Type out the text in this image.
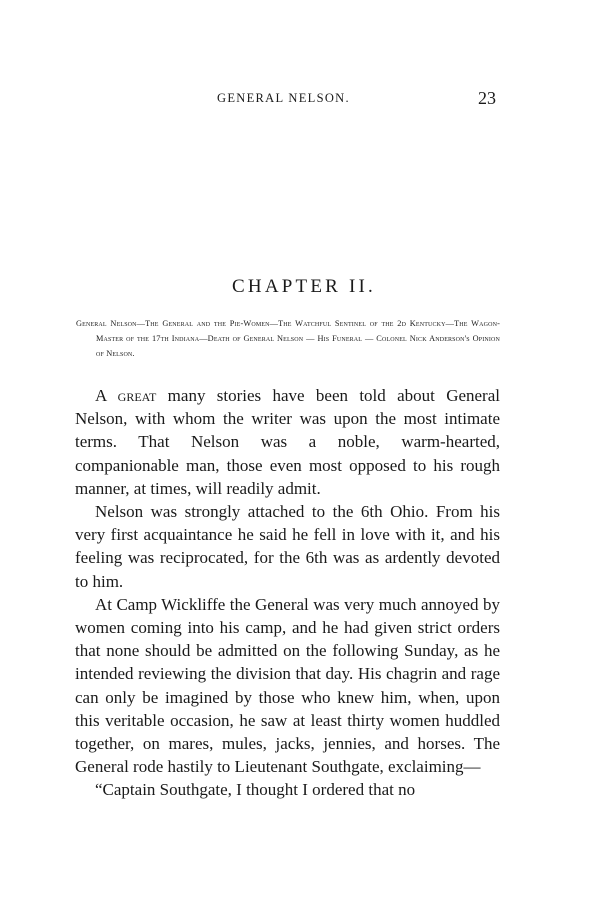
GENERAL NELSON.	23
CHAPTER II.
General Nelson—The General and the Pie-Women—The Watchful Sentinel of the 2d Kentucky—The Wagon-Master of the 17th Indiana—Death of General Nelson — His Funeral — Colonel Nick Anderson's Opinion of Nelson.

A great many stories have been told about General Nelson, with whom the writer was upon the most intimate terms. That Nelson was a noble, warm-hearted, companionable man, those even most opposed to his rough manner, at times, will readily admit.

Nelson was strongly attached to the 6th Ohio. From his very first acquaintance he said he fell in love with it, and his feeling was reciprocated, for the 6th was as ardently devoted to him.

At Camp Wickliffe the General was very much annoyed by women coming into his camp, and he had given strict orders that none should be admitted on the following Sunday, as he intended reviewing the division that day. His chagrin and rage can only be imagined by those who knew him, when, upon this veritable occasion, he saw at least thirty women huddled together, on mares, mules, jacks, jennies, and horses. The General rode hastily to Lieutenant Southgate, exclaiming—

“Captain Southgate, I thought I ordered that no
